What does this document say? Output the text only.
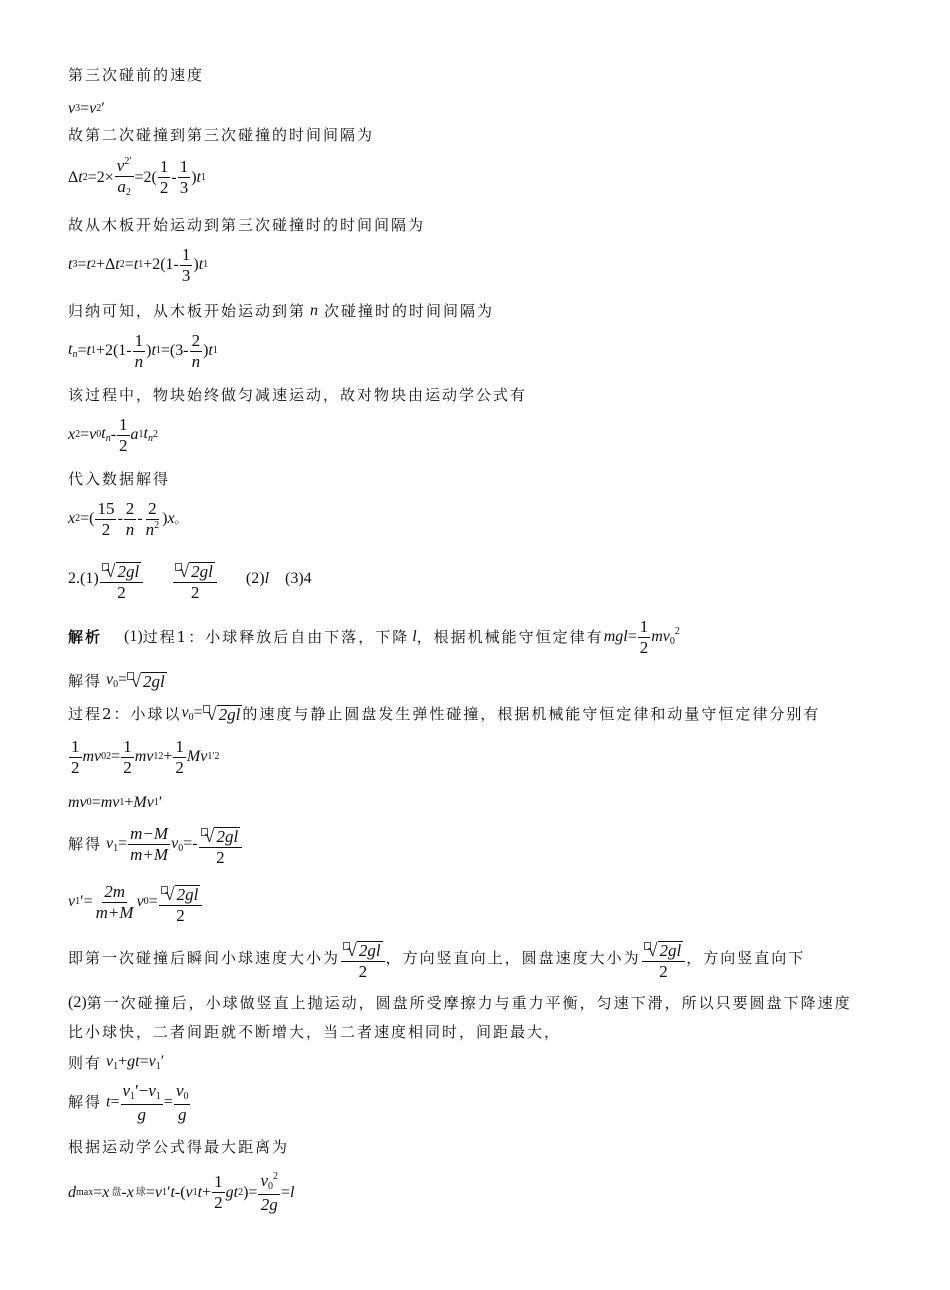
第三次碰前的速度
v 3 = v 2 ′
故第二次碰撞到第三次碰撞的时间间隔为
Δ t $2 =2\times \frac{v^{2'}}{a_2} =2( \frac{1}{2} - \frac{1}{3}$ ) t 1
故从木板开始运动到第三次碰撞时的时间间隔为
t 3 = t 2 +Δ t 2 = t $1 +2(1- \frac{1}{3}$ ) t 1
归纳可知，从木板开始运动到第 n 次碰撞时的时间间隔为
$t_n = t$ $1 +2(1- \frac{1}{n}$ ) t $1 =(3- \frac{2}{n}$ ) t 1
该过程中，物块始终做匀减速运动，故对物块由运动学公式有
x 2 = v 0 $t_n - \frac{1}{2}$ a 1 $t_n$ 2
代入数据解得
x 2 =( $\frac{15}{2} - \frac{2}{n} - \frac{2}{n^2}$ ) x 。
2. $(1) \frac{√ 2gl}{2} \frac{√ 2gl}{2} (2)$ l (3) 4
解析 (1) 过程1：小球释放后自由下落，下降 l ，根据机械能守恒定律有 $mgl= \frac{1}{2} mv_0^2$
解得 $v_0=$ √ 2gl
过程2：小球以 $v_0=$ √ 2gl 的速度与静止圆盘发生弹性碰撞，根据机械能守恒定律和动量守恒定律分别有
$\frac{1}{2}$ mv 0 $2 = \frac{1}{2}$ mv 1 $2 + \frac{1}{2}$ Mv 1 ′2
mv 0 = mv 1 + Mv 1 ′
解得 $v_1= \frac{m-M}{m+M} v_0=- \frac{√ 2gl}{2}$
v 1 ′= $\frac{2m}{m+M}$ v $0 = \frac{√ 2gl}{2}$
即第一次碰撞后瞬间小球速度大小为 $\frac{√ 2gl}{2}$ ，方向竖直向上，圆盘速度大小为 $\frac{√ 2gl}{2}$ ，方向竖直向下
(2) 第一次碰撞后，小球做竖直上抛运动，圆盘所受摩擦力与重力平衡，匀速下滑，所以只要圆盘下降速度
比小球快，二者间距就不断增大，当二者速度相同时，间距最大，
则有 $v_1+gt=v_1'$
解得 $t= \frac{v_1'-v_1}{g} = \frac{v_0}{g}$
根据运动学公式得最大距离为
d max = x 盘 - x 球 = v 1 ′ t -( v 1 $t + \frac{1}{2}$ gt 2 )= $\frac{v_0^2}{2g} = l$
